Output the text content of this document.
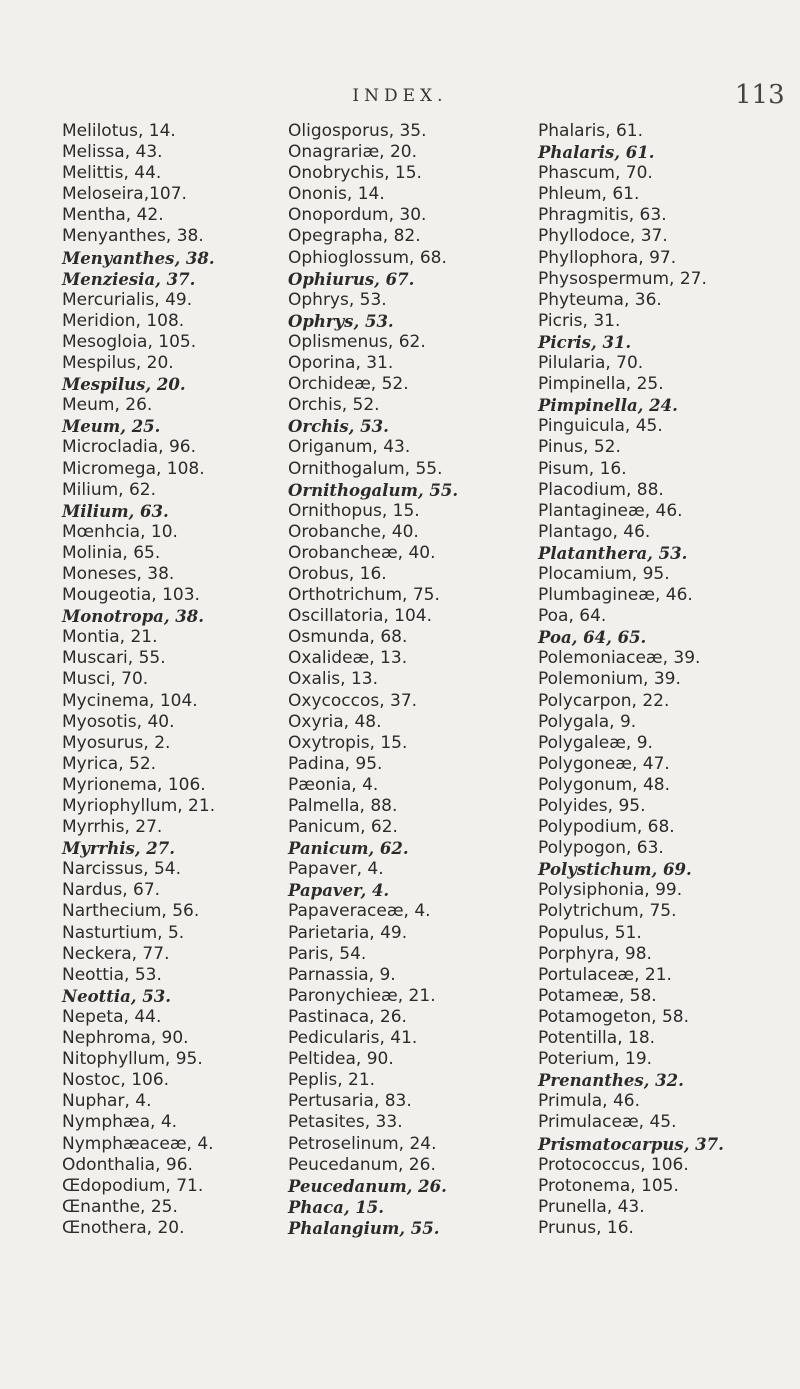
INDEX.	113
Melilotus, 14.
Melissa, 43.
Melittis, 44.
Meloseira,107.
Mentha, 42.
Menyanthes, 38.
Menyanthes, 38.
Menziesia, 37.
Mercurialis, 49.
Meridion, 108.
Mesogloia, 105.
Mespilus, 20.
Mespilus, 20.
Meum, 26.
Meum, 25.
Microcladia, 96.
Micromega, 108.
Milium, 62.
Milium, 63.
Mœnhcia, 10.
Molinia, 65.
Moneses, 38.
Mougeotia, 103.
Monotropa, 38.
Montia, 21.
Muscari, 55.
Musci, 70.
Mycinema, 104.
Myosotis, 40.
Myosurus, 2.
Myrica, 52.
Myrionema, 106.
Myriophyllum, 21.
Myrrhis, 27.
Myrrhis, 27.
Narcissus, 54.
Nardus, 67.
Narthecium, 56.
Nasturtium, 5.
Neckera, 77.
Neottia, 53.
Neottia, 53.
Nepeta, 44.
Nephroma, 90.
Nitophyllum, 95.
Nostoc, 106.
Nuphar, 4.
Nymphæa, 4.
Nymphæaceæ, 4.
Odonthalia, 96.
Œdopodium, 71.
Œnanthe, 25.
Œnothera, 20.
Oligosporus, 35.
Onagrariæ, 20.
Onobrychis, 15.
Ononis, 14.
Onopordum, 30.
Opegrapha, 82.
Ophioglossum, 68.
Ophiurus, 67.
Ophrys, 53.
Ophrys, 53.
Oplismenus, 62.
Oporina, 31.
Orchideæ, 52.
Orchis, 52.
Orchis, 53.
Origanum, 43.
Ornithogalum, 55.
Ornithogalum, 55.
Ornithopus, 15.
Orobanche, 40.
Orobancheæ, 40.
Orobus, 16.
Orthotrichum, 75.
Oscillatoria, 104.
Osmunda, 68.
Oxalideæ, 13.
Oxalis, 13.
Oxycoccos, 37.
Oxyria, 48.
Oxytropis, 15.
Padina, 95.
Pæonia, 4.
Palmella, 88.
Panicum, 62.
Panicum, 62.
Papaver, 4.
Papaver, 4.
Papaveraceæ, 4.
Parietaria, 49.
Paris, 54.
Parnassia, 9.
Paronychieæ, 21.
Pastinaca, 26.
Pedicularis, 41.
Peltidea, 90.
Peplis, 21.
Pertusaria, 83.
Petasites, 33.
Petroselinum, 24.
Peucedanum, 26.
Peucedanum, 26.
Phaca, 15.
Phalangium, 55.
Phalaris, 61.
Phalaris, 61.
Phascum, 70.
Phleum, 61.
Phragmitis, 63.
Phyllodoce, 37.
Phyllophora, 97.
Physospermum, 27.
Phyteuma, 36.
Picris, 31.
Picris, 31.
Pilularia, 70.
Pimpinella, 25.
Pimpinella, 24.
Pinguicula, 45.
Pinus, 52.
Pisum, 16.
Placodium, 88.
Plantagineæ, 46.
Plantago, 46.
Platanthera, 53.
Plocamium, 95.
Plumbagineæ, 46.
Poa, 64.
Poa, 64, 65.
Polemoniaceæ, 39.
Polemonium, 39.
Polycarpon, 22.
Polygala, 9.
Polygaleæ, 9.
Polygoneæ, 47.
Polygonum, 48.
Polyides, 95.
Polypodium, 68.
Polypogon, 63.
Polystichum, 69.
Polysiphonia, 99.
Polytrichum, 75.
Populus, 51.
Porphyra, 98.
Portulaceæ, 21.
Potameæ, 58.
Potamogeton, 58.
Potentilla, 18.
Poterium, 19.
Prenanthes, 32.
Primula, 46.
Primulaceæ, 45.
Prismatocarpus, 37.
Protococcus, 106.
Protonema, 105.
Prunella, 43.
Prunus, 16.
